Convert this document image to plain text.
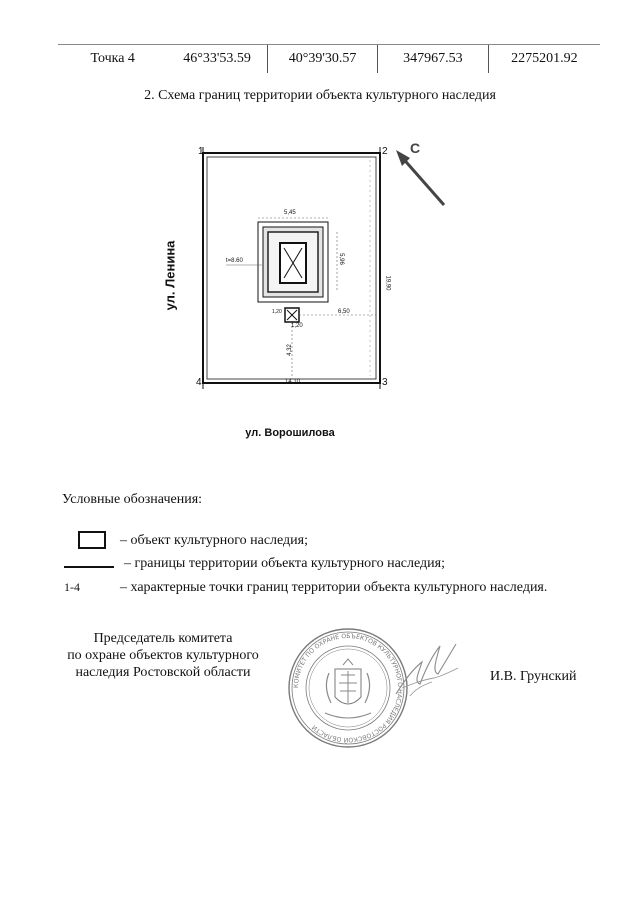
Точка 4	46°33'53.59	40°39'30.57	347967.53	2275201.92
2. Схема границ территории объекта культурного наследия
1	2
3
4
С
ул. Ленина
ул. Ворошилова
5,45
5,96
19,90
6,50
4,32
14,10
1,20
1,20
t=8.60
Условные обозначения:
– объект культурного наследия;
– границы территории объекта культурного наследия;
1-4	– характерные точки границ территории объекта культурного наследия.
Председатель комитета
по охране объектов культурного
наследия Ростовской области
КОМИТЕТ ПО ОХРАНЕ ОБЪЕКТОВ КУЛЬТУРНОГО НАСЛЕДИЯ РОСТОВСКОЙ ОБЛАСТИ
И.В. Грунский
